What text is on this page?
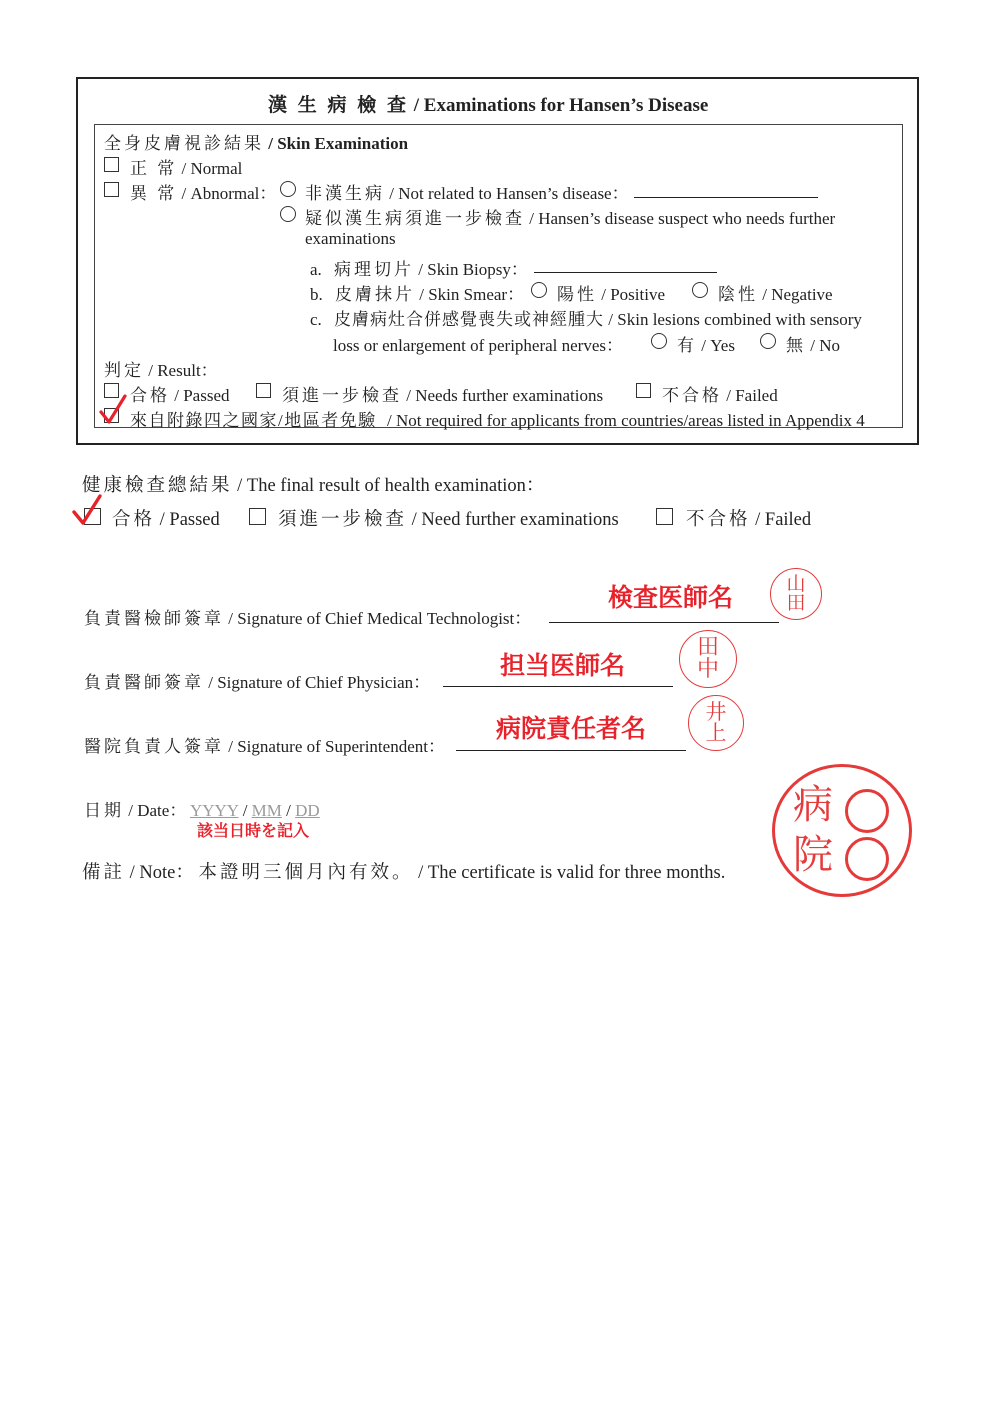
漢 生 病 檢 查 / Examinations for Hansen’s Disease
全身皮膚視診結果 / Skin Examination
正 常 / Normal
異 常 / Abnormal： 非漢生病 / Not related to Hansen’s disease：
疑似漢生病須進一步檢查 / Hansen’s disease suspect who needs further
examinations
a. 病理切片 / Skin Biopsy：
b. 皮膚抹片 / Skin Smear： 陽性 / Positive	陰性 / Negative
c. 皮膚病灶合併感覺喪失或神經腫大 / Skin lesions combined with sensory
loss or enlargement of peripheral nerves：	有 / Yes	無 / No
判定 / Result：
合格 / Passed	須進一步檢查 / Needs further examinations	不合格 / Failed
來自附錄四之國家/地區者免驗 / Not required for applicants from countries/areas listed in Appendix 4
健康檢查總結果 / The final result of health examination：
合格 / Passed	須進一步檢查 / Need further examinations	不合格 / Failed
負責醫檢師簽章 / Signature of Chief Medical Technologist：
検査医師名	山
田
負責醫師簽章 / Signature of Chief Physician：
担当医師名
田
中
醫院負責人簽章 / Signature of Superintendent：
病院責任者名
井
上
日期 / Date： YYYY / MM / DD
該当日時を記入
備註 / Note： 本證明三個月內有效。 / The certificate is valid for three months.
病
院
